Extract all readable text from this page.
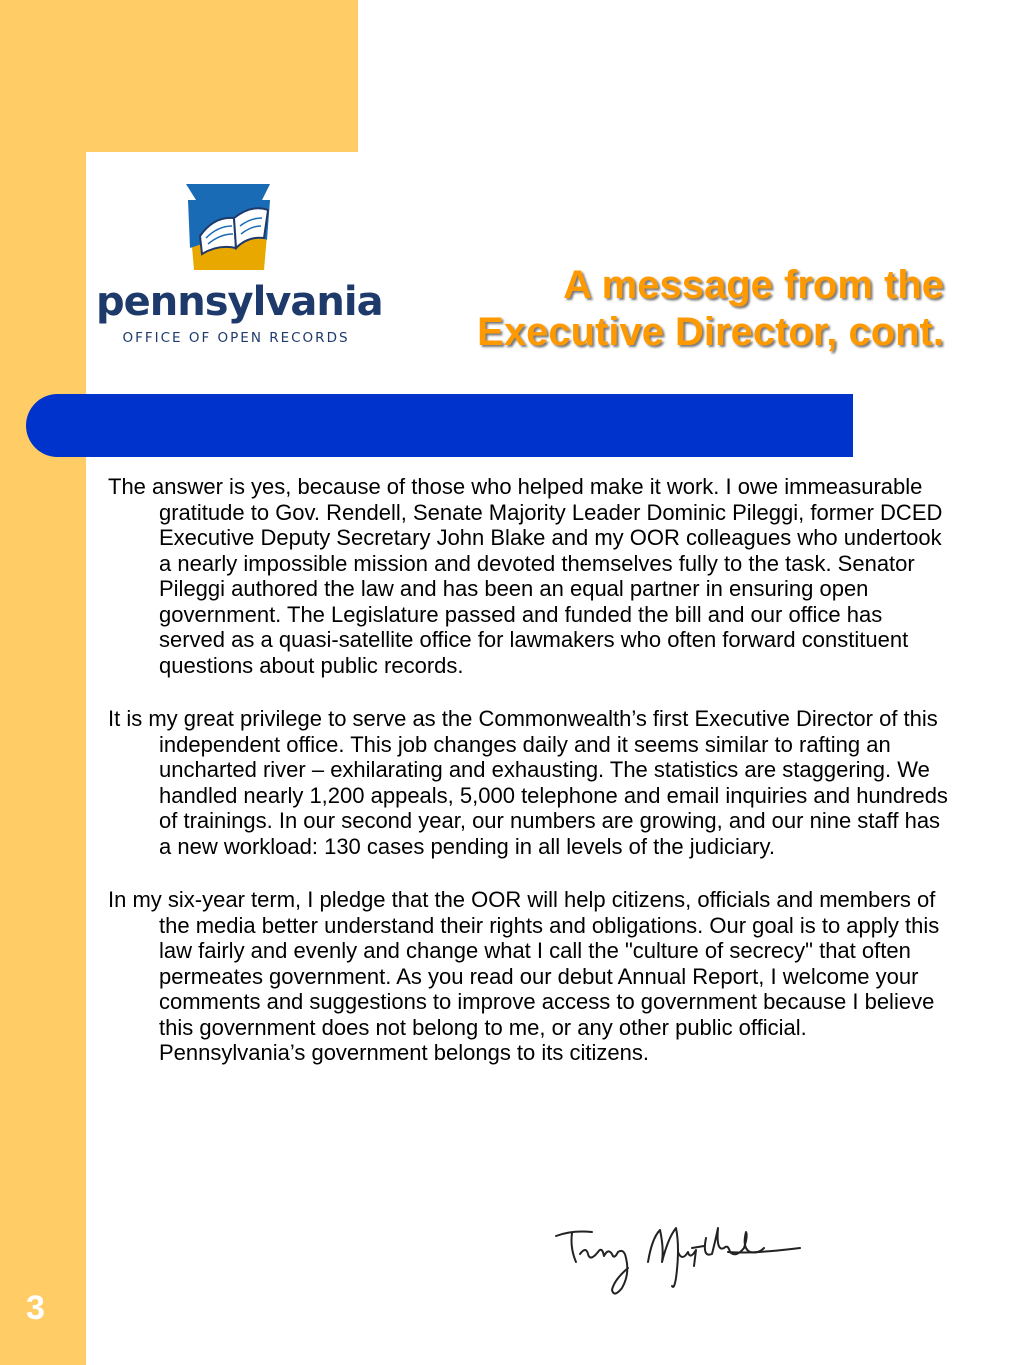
pennsylvania
OFFICE OF OPEN RECORDS
A message from the
Executive Director, cont.

The answer is yes, because of those who helped make it work. I owe immeasurable gratitude to Gov. Rendell, Senate Majority Leader Dominic Pileggi, former DCED Executive Deputy Secretary John Blake and my OOR colleagues who undertook a nearly impossible mission and devoted themselves fully to the task. Senator Pileggi authored the law and has been an equal partner in ensuring open government. The Legislature passed and funded the bill and our office has served as a quasi-satellite office for lawmakers who often forward constituent questions about public records.

It is my great privilege to serve as the Commonwealth’s first Executive Director of this independent office. This job changes daily and it seems similar to rafting an uncharted river – exhilarating and exhausting. The statistics are staggering. We handled nearly 1,200 appeals, 5,000 telephone and email inquiries and hundreds of trainings. In our second year, our numbers are growing, and our nine staff has a new workload: 130 cases pending in all levels of the judiciary.

In my six-year term, I pledge that the OOR will help citizens, officials and members of the media better understand their rights and obligations. Our goal is to apply this law fairly and evenly and change what I call the "culture of secrecy" that often permeates government. As you read our debut Annual Report, I welcome your comments and suggestions to improve access to government because I believe this government does not belong to me, or any other public official. Pennsylvania’s government belongs to its citizens.

3
